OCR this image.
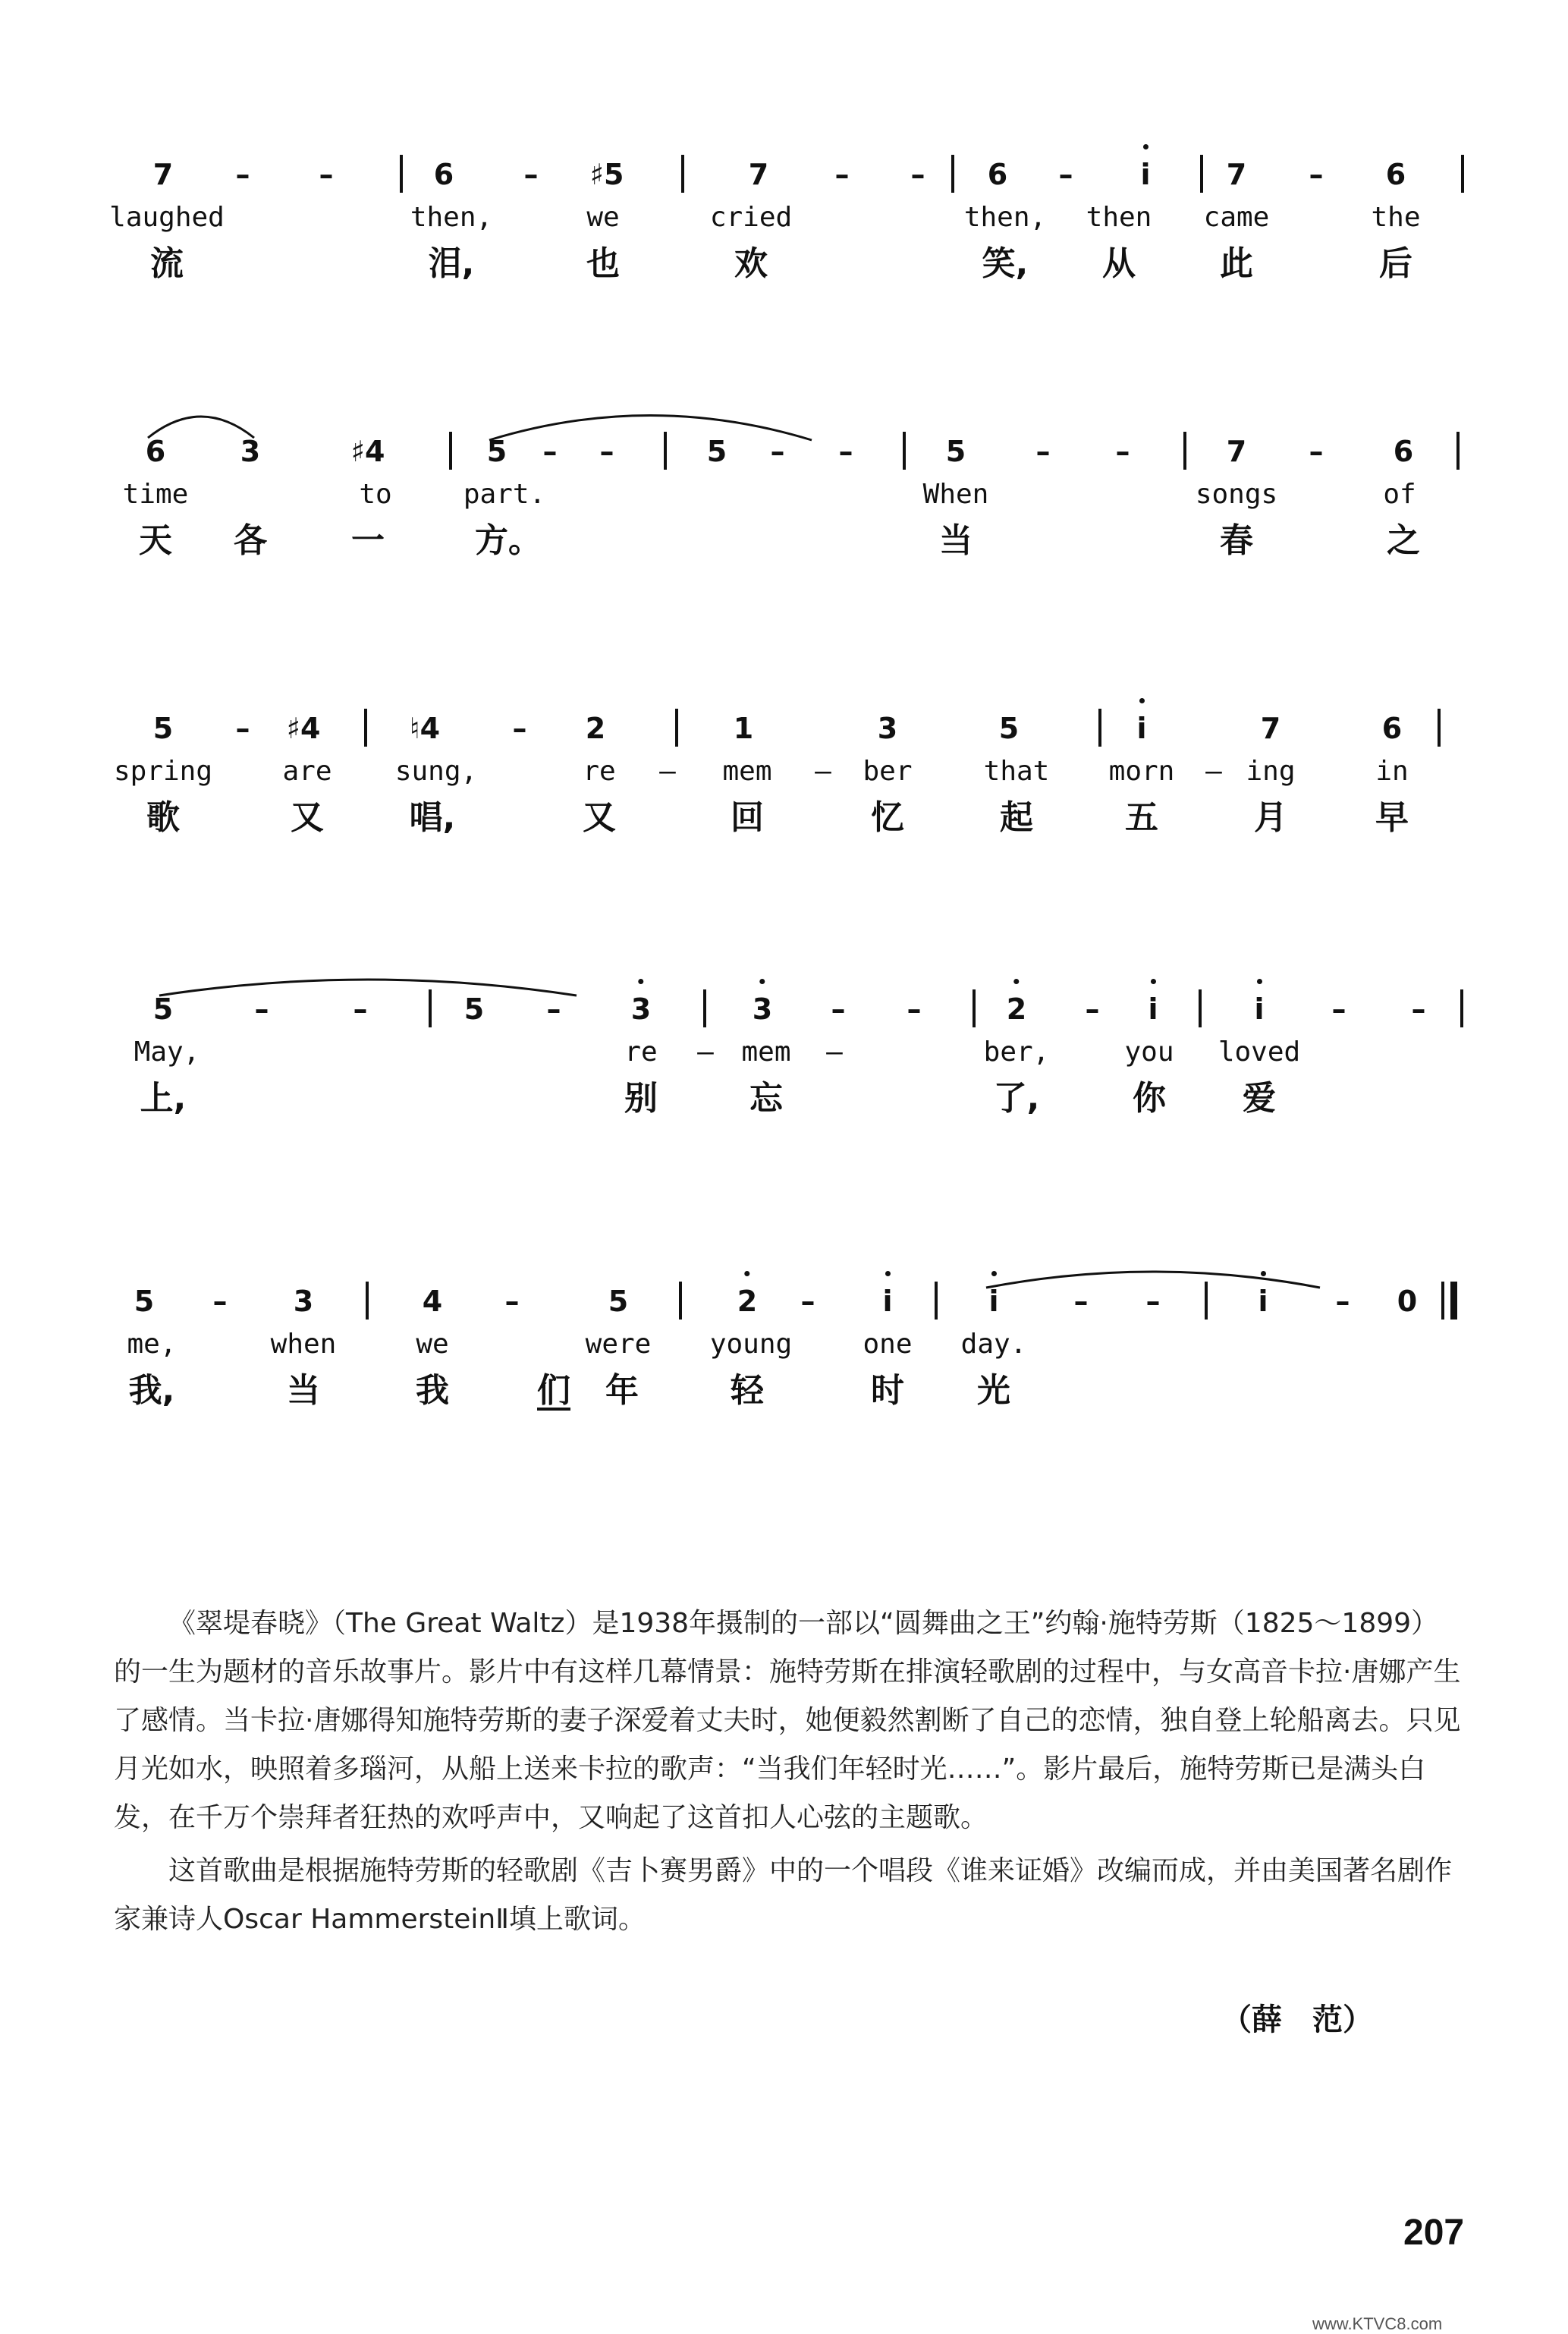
7 – –	6 – ♯5	7 – – 6 – i	7 – 6
laughed	then,	we	cried	then, then came	the
流	泪,	也	欢	笑, 从	此	后
6	3	♯4	5 – –	5 – –	5 – –	7 – 6
time	to	part.	When	songs	of
天 各	一	方。	当	春	之
5 – ♯4	♮4	– 2	1	3	5	i	7	6
spring	are sung,	re – mem – ber	that morn – ing	in
歌	又	唱,	又	回	忆	起	五	月	早
5	–	–	5 – 3	3 – –	2 – i	i – –
May,	re – mem –	ber,	you loved
上,	别	忘	了,	你 爱
5 – 3	4 –	5	2 – i	i	– –	i – 0
me,	when	we	were young	one day.
我,	当	我	们 年	轻	时 光

《翠堤春晓》（The Great Waltz）是1938年摄制的一部以“圆舞曲之王”约翰·施特劳斯（1825～1899）的一生为题材的音乐故事片。影片中有这样几幕情景：施特劳斯在排演轻歌剧的过程中，与女高音卡拉·唐娜产生了感情。当卡拉·唐娜得知施特劳斯的妻子深爱着丈夫时，她便毅然割断了自己的恋情，独自登上轮船离去。只见月光如水，映照着多瑙河，从船上送来卡拉的歌声：“当我们年轻时光……”。影片最后，施特劳斯已是满头白发，在千万个崇拜者狂热的欢呼声中，又响起了这首扣人心弦的主题歌。

这首歌曲是根据施特劳斯的轻歌剧《吉卜赛男爵》中的一个唱段《谁来证婚》改编而成，并由美国著名剧作家兼诗人Oscar HammersteinⅡ填上歌词。

（薛　范）
207
www.KTVC8.com
